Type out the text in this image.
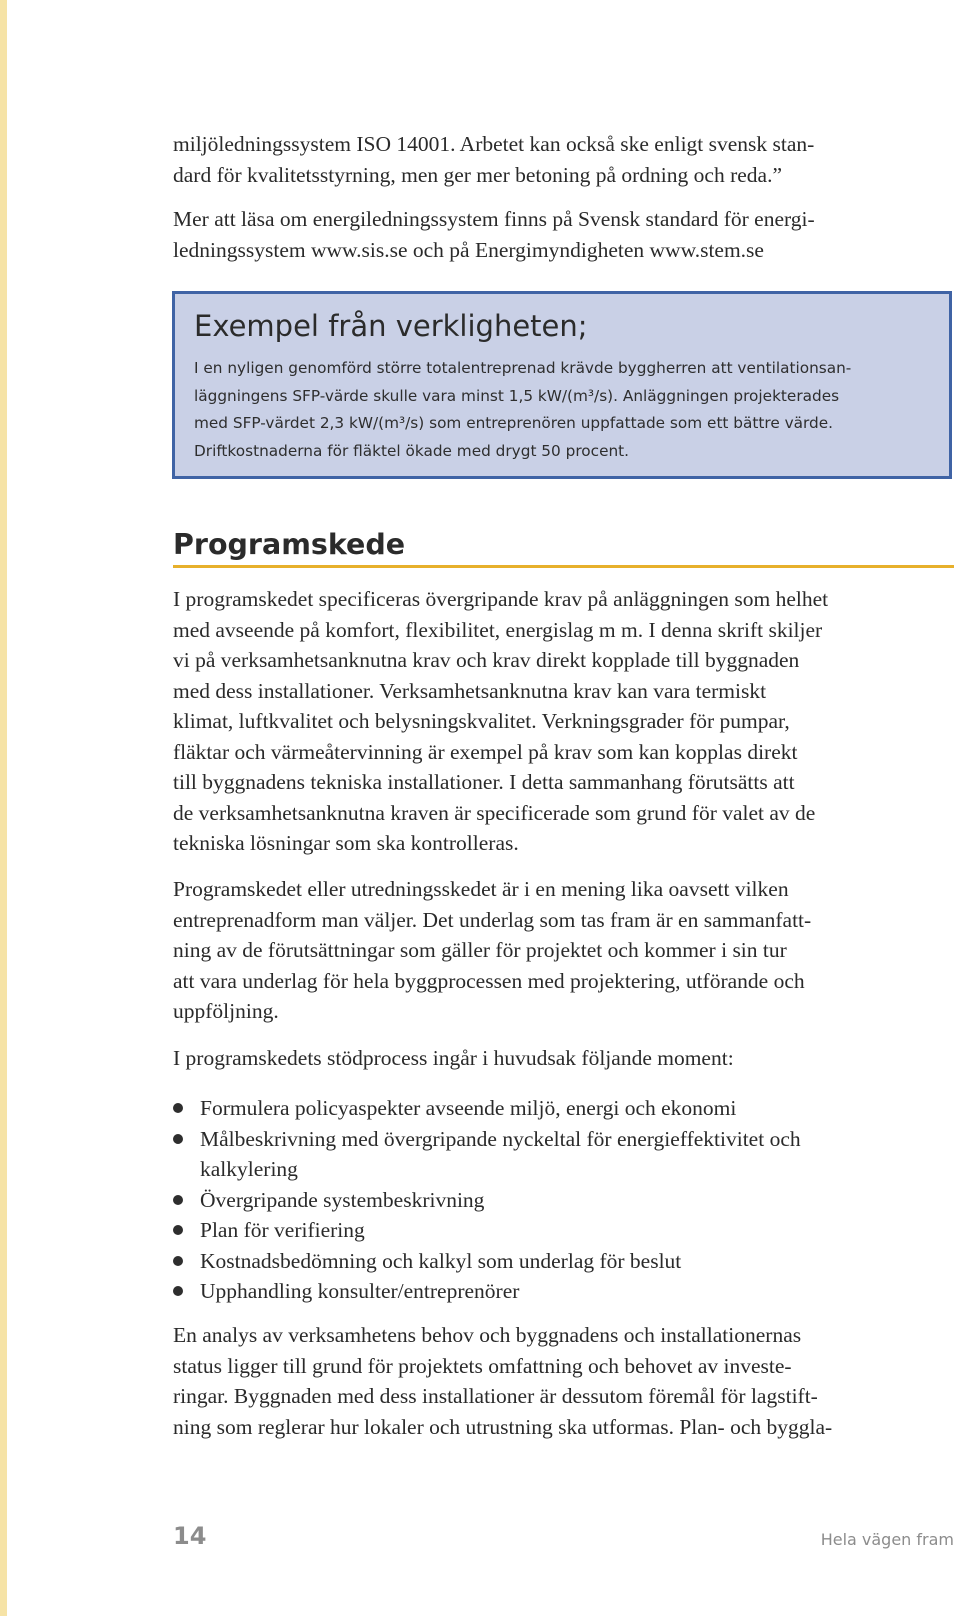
miljöledningssystem ISO 14001. Arbetet kan också ske enligt svensk stan-
dard för kvalitetsstyrning, men ger mer betoning på ordning och reda.”

Mer att läsa om energiledningssystem finns på Svensk standard för energi-
ledningssystem www.sis.se och på Energimyndigheten www.stem.se

Exempel från verkligheten;

I en nyligen genomförd större totalentreprenad krävde byggherren att ventilationsan-
läggningens SFP-värde skulle vara minst 1,5 kW/(m³/s). Anläggningen projekterades
med SFP-värdet 2,3 kW/(m³/s) som entreprenören uppfattade som ett bättre värde.
Driftkostnaderna för fläktel ökade med drygt 50 procent.

Programskede

I programskedet specificeras övergripande krav på anläggningen som helhet
med avseende på komfort, flexibilitet, energislag m m. I denna skrift skiljer
vi på verksamhetsanknutna krav och krav direkt kopplade till byggnaden
med dess installationer. Verksamhetsanknutna krav kan vara termiskt
klimat, luftkvalitet och belysningskvalitet. Verkningsgrader för pumpar,
fläktar och värmeåtervinning är exempel på krav som kan kopplas direkt
till byggnadens tekniska installationer. I detta sammanhang förutsätts att
de verksamhetsanknutna kraven är specificerade som grund för valet av de
tekniska lösningar som ska kontrolleras.

Programskedet eller utredningsskedet är i en mening lika oavsett vilken
entreprenadform man väljer. Det underlag som tas fram är en sammanfatt-
ning av de förutsättningar som gäller för projektet och kommer i sin tur
att vara underlag för hela byggprocessen med projektering, utförande och
uppföljning.

I programskedets stödprocess ingår i huvudsak följande moment:

Formulera policyaspekter avseende miljö, energi och ekonomi
Målbeskrivning med övergripande nyckeltal för energieffektivitet och
kalkylering
Övergripande systembeskrivning
Plan för verifiering
Kostnadsbedömning och kalkyl som underlag för beslut
Upphandling konsulter/entreprenörer

En analys av verksamhetens behov och byggnadens och installationernas
status ligger till grund för projektets omfattning och behovet av investe-
ringar. Byggnaden med dess installationer är dessutom föremål för lagstift-
ning som reglerar hur lokaler och utrustning ska utformas. Plan- och byggla-

14	Hela vägen fram
